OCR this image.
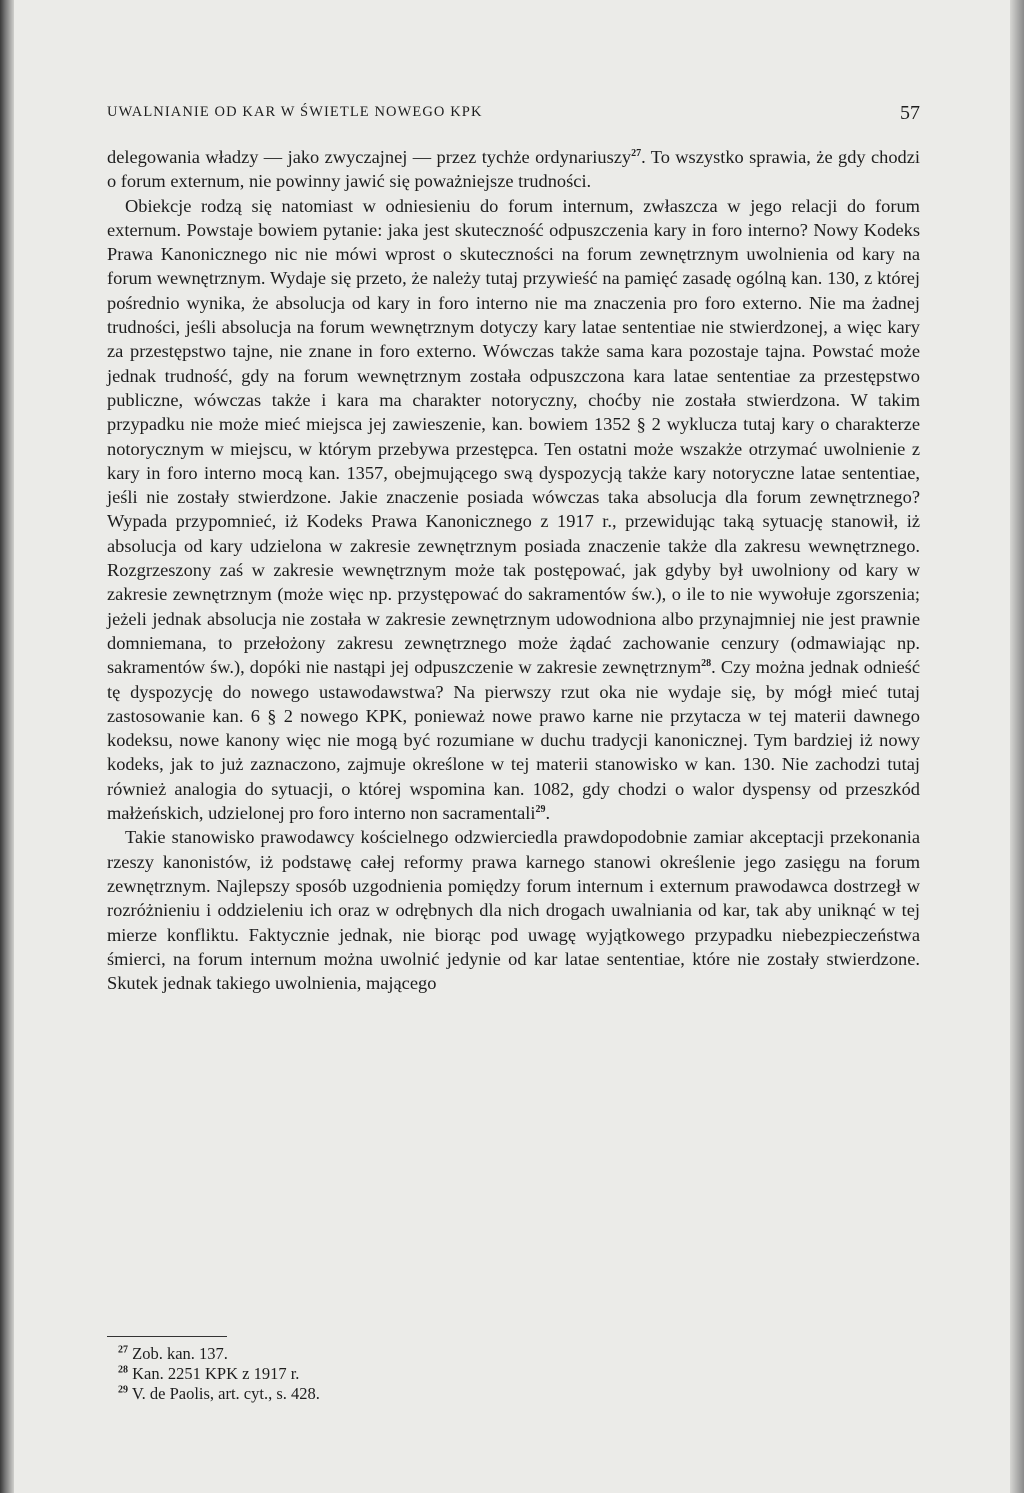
UWALNIANIE OD KAR W ŚWIETLE NOWEGO KPK	57

delegowania władzy — jako zwyczajnej — przez tychże ordynariuszy$^{27}$. To wszystko sprawia, że gdy chodzi o forum externum, nie powinny jawić się poważniejsze trudności.

Obiekcje rodzą się natomiast w odniesieniu do forum internum, zwłaszcza w jego relacji do forum externum. Powstaje bowiem pytanie: jaka jest skuteczność odpuszczenia kary in foro interno? Nowy Kodeks Prawa Kanonicznego nic nie mówi wprost o skuteczności na forum zewnętrznym uwolnienia od kary na forum wewnętrznym. Wydaje się przeto, że należy tutaj przywieść na pamięć zasadę ogólną kan. 130, z której pośrednio wynika, że absolucja od kary in foro interno nie ma znaczenia pro foro externo. Nie ma żadnej trudności, jeśli absolucja na forum wewnętrznym dotyczy kary latae sententiae nie stwierdzonej, a więc kary za przestępstwo tajne, nie znane in foro externo. Wówczas także sama kara pozostaje tajna. Powstać może jednak trudność, gdy na forum wewnętrznym została odpuszczona kara latae sententiae za przestępstwo publiczne, wówczas także i kara ma charakter notoryczny, choćby nie została stwierdzona. W takim przypadku nie może mieć miejsca jej zawieszenie, kan. bowiem 1352 § 2 wyklucza tutaj kary o charakterze notorycznym w miejscu, w którym przebywa przestępca. Ten ostatni może wszakże otrzymać uwolnienie z kary in foro interno mocą kan. 1357, obejmującego swą dyspozycją także kary notoryczne latae sententiae, jeśli nie zostały stwierdzone. Jakie znaczenie posiada wówczas taka absolucja dla forum zewnętrznego? Wypada przypomnieć, iż Kodeks Prawa Kanonicznego z 1917 r., przewidując taką sytuację stanowił, iż absolucja od kary udzielona w zakresie zewnętrznym posiada znaczenie także dla zakresu wewnętrznego. Rozgrzeszony zaś w zakresie wewnętrznym może tak postępować, jak gdyby był uwolniony od kary w zakresie zewnętrznym (może więc np. przystępować do sakramentów św.), o ile to nie wywołuje zgorszenia; jeżeli jednak absolucja nie została w zakresie zewnętrznym udowodniona albo przynajmniej nie jest prawnie domniemana, to przełożony zakresu zewnętrznego może żądać zachowanie cenzury (odmawiając np. sakramentów św.), dopóki nie nastąpi jej odpuszczenie w zakresie zewnętrznym$^{28}$. Czy można jednak odnieść tę dyspozycję do nowego ustawodawstwa? Na pierwszy rzut oka nie wydaje się, by mógł mieć tutaj zastosowanie kan. 6 § 2 nowego KPK, ponieważ nowe prawo karne nie przytacza w tej materii dawnego kodeksu, nowe kanony więc nie mogą być rozumiane w duchu tradycji kanonicznej. Tym bardziej iż nowy kodeks, jak to już zaznaczono, zajmuje określone w tej materii stanowisko w kan. 130. Nie zachodzi tutaj również analogia do sytuacji, o której wspomina kan. 1082, gdy chodzi o walor dyspensy od przeszkód małżeńskich, udzielonej pro foro interno non sacramentali$^{29}$.

Takie stanowisko prawodawcy kościelnego odzwierciedla prawdopodobnie zamiar akceptacji przekonania rzeszy kanonistów, iż podstawę całej reformy prawa karnego stanowi określenie jego zasięgu na forum zewnętrznym. Najlepszy sposób uzgodnienia pomiędzy forum internum i externum prawodawca dostrzegł w rozróżnieniu i oddzieleniu ich oraz w odrębnych dla nich drogach uwalniania od kar, tak aby uniknąć w tej mierze konfliktu. Faktycznie jednak, nie biorąc pod uwagę wyjątkowego przypadku niebezpieczeństwa śmierci, na forum internum można uwolnić jedynie od kar latae sententiae, które nie zostały stwierdzone. Skutek jednak takiego uwolnienia, mającego

$^{27}$ Zob. kan. 137.

$^{28}$ Kan. 2251 KPK z 1917 r.

$^{29}$ V. de Paolis, art. cyt., s. 428.
